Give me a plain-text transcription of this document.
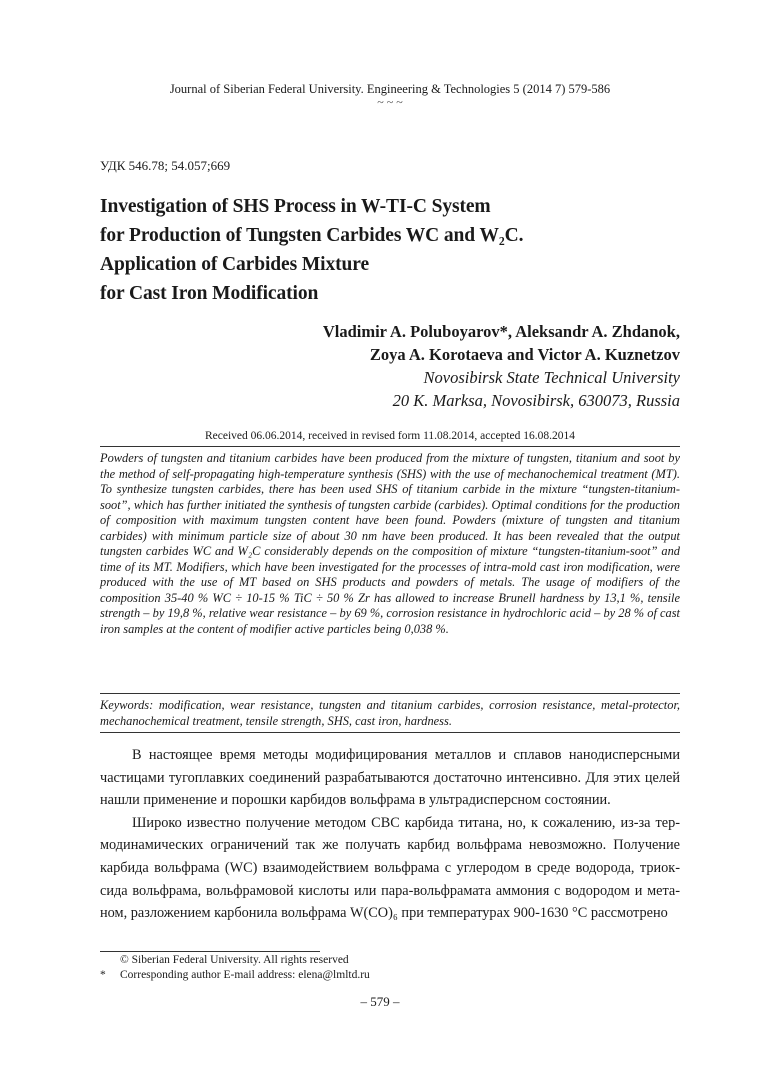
Journal of Siberian Federal University. Engineering & Technologies 5 (2014 7) 579-586
~ ~ ~
УДК 546.78; 54.057;669
Investigation of SHS Process in W-TI-C System
for Production of Tungsten Carbides WC and W₂C.
Application of Carbides Mixture
for Cast Iron Modification
Vladimir A. Poluboyarov*, Aleksandr A. Zhdanok,
Zoya A. Korotaeva and Victor A. Kuznetzov
Novosibirsk State Technical University
20 K. Marksa, Novosibirsk, 630073, Russia
Received 06.06.2014, received in revised form 11.08.2014, accepted 16.08.2014
Powders of tungsten and titanium carbides have been produced from the mixture of tungsten, titanium and soot by the method of self-propagating high-temperature synthesis (SHS) with the use of mechanochemical treatment (MT). To synthesize tungsten carbides, there has been used SHS of titanium carbide in the mixture “tungsten-titanium-soot”, which has further initiated the synthesis of tungsten carbide (carbides). Optimal conditions for the production of composition with maximum tungsten content have been found. Powders (mixture of tungsten and titanium carbides) with minimum particle size of about 30 nm have been produced. It has been revealed that the output tungsten carbides WC and W₂C considerably depends on the composition of mixture “tungsten-titanium-soot” and time of its MT. Modifiers, which have been investigated for the processes of intra-mold cast iron modification, were produced with the use of MT based on SHS products and powders of metals. The usage of modifiers of the composition 35-40 % WC ÷ 10-15 % TiC ÷ 50 % Zr has allowed to increase Brunell hardness by 13,1 %, tensile strength – by 19,8 %, relative wear resistance – by 69 %, corrosion resistance in hydrochloric acid – by 28 % of cast iron samples at the content of modifier active particles being 0,038 %.
Keywords: modification, wear resistance, tungsten and titanium carbides, corrosion resistance, metal-protector, mechanochemical treatment, tensile strength, SHS, cast iron, hardness.

В настоящее время методы модифицирования металлов и сплавов нанодисперсными частицами тугоплавких соединений разрабатываются достаточно интенсивно. Для этих целей нашли применение и порошки карбидов вольфрама в ультрадисперсном состоянии.

Широко известно получение методом СВС карбида титана, но, к сожалению, из-за термодинамических ограничений так же получать карбид вольфрама невозможно. Получение карбида вольфрама (WC) взаимодействием вольфрама с углеродом в среде водорода, триоксида вольфрама, вольфрамовой кислоты или пара-вольфрамата аммония с водородом и метаном, разложением карбонила вольфрама W(CO)₆ при температурах 900-1630 °C рассмотрено

© Siberian Federal University. All rights reserved
* Corresponding author E-mail address: elena@lmltd.ru
– 579 –
